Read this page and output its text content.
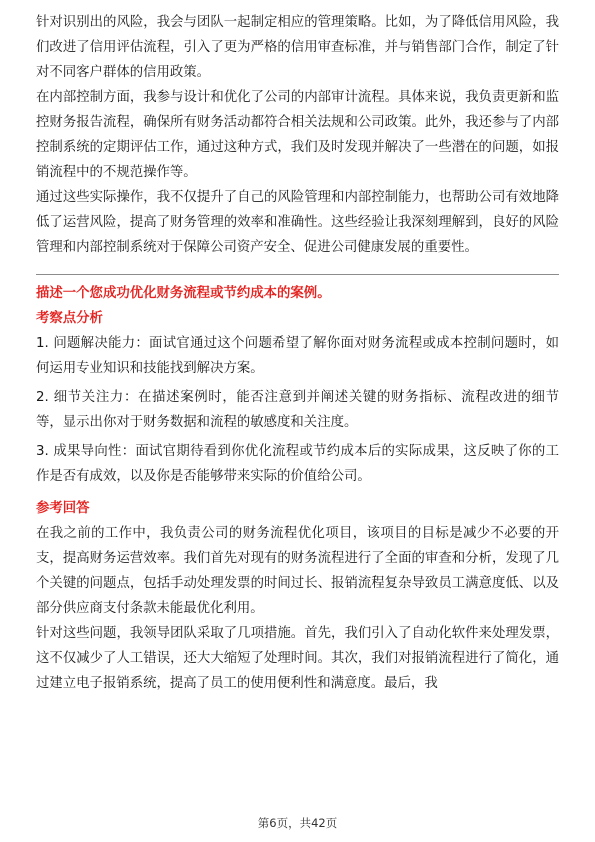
针对识别出的风险，我会与团队一起制定相应的管理策略。比如，为了降低信用风险，我们改进了信用评估流程，引入了更为严格的信用审查标准，并与销售部门合作，制定了针对不同客户群体的信用政策。

在内部控制方面，我参与设计和优化了公司的内部审计流程。具体来说，我负责更新和监控财务报告流程，确保所有财务活动都符合相关法规和公司政策。此外，我还参与了内部控制系统的定期评估工作，通过这种方式，我们及时发现并解决了一些潜在的问题，如报销流程中的不规范操作等。

通过这些实际操作，我不仅提升了自己的风险管理和内部控制能力，也帮助公司有效地降低了运营风险，提高了财务管理的效率和准确性。这些经验让我深刻理解到，良好的风险管理和内部控制系统对于保障公司资产安全、促进公司健康发展的重要性。

描述一个您成功优化财务流程或节约成本的案例。

考察点分析

1. 问题解决能力：面试官通过这个问题希望了解你面对财务流程或成本控制问题时，如何运用专业知识和技能找到解决方案。

2. 细节关注力：在描述案例时，能否注意到并阐述关键的财务指标、流程改进的细节等，显示出你对于财务数据和流程的敏感度和关注度。

3. 成果导向性：面试官期待看到你优化流程或节约成本后的实际成果，这反映了你的工作是否有成效，以及你是否能够带来实际的价值给公司。

参考回答

在我之前的工作中，我负责公司的财务流程优化项目，该项目的目标是减少不必要的开支，提高财务运营效率。我们首先对现有的财务流程进行了全面的审查和分析，发现了几个关键的问题点，包括手动处理发票的时间过长、报销流程复杂导致员工满意度低、以及部分供应商支付条款未能最优化利用。

针对这些问题，我领导团队采取了几项措施。首先，我们引入了自动化软件来处理发票，这不仅减少了人工错误，还大大缩短了处理时间。其次，我们对报销流程进行了简化，通过建立电子报销系统，提高了员工的使用便利性和满意度。最后，我

第6页，共42页
